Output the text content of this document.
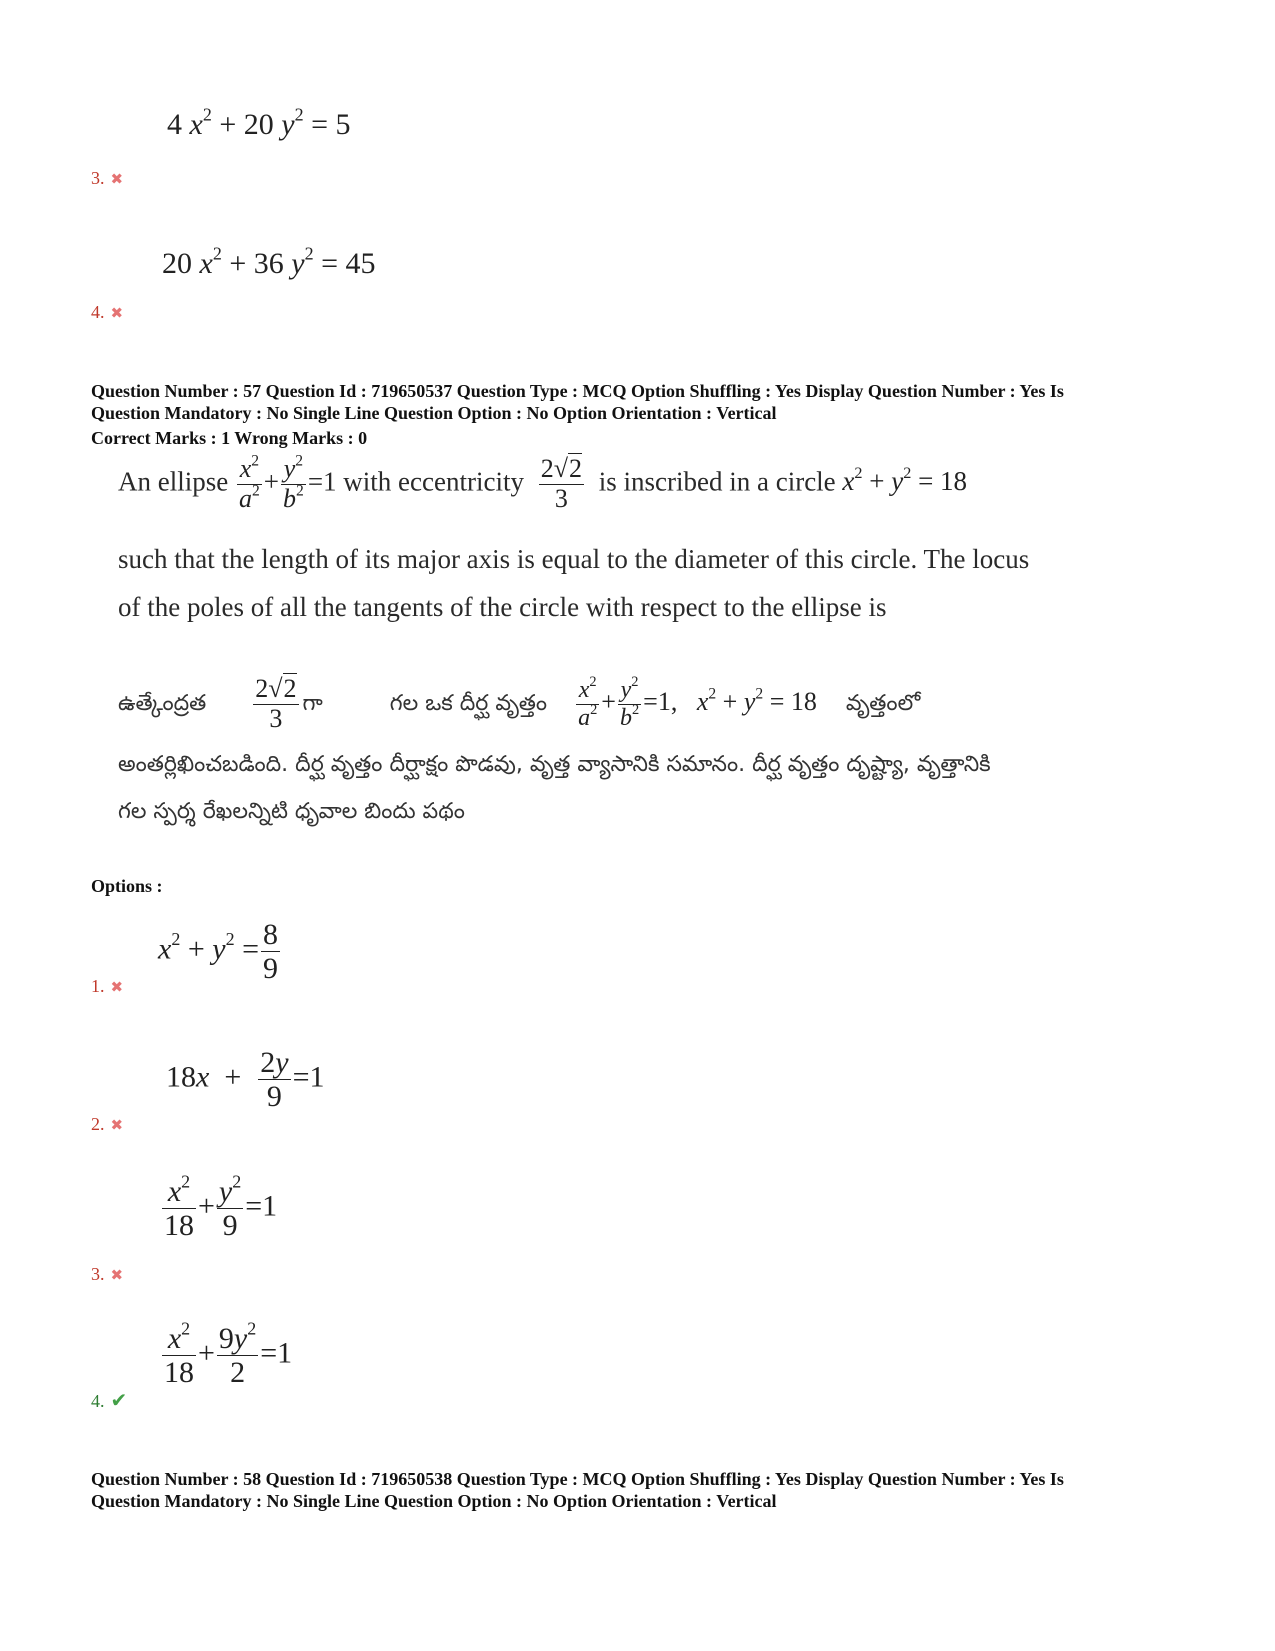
4 $x^2 + 20$ $y^2 = 5$
3. ✖
20 $x^2 + 36$ $y^2 = 45$
4. ✖
Question Number : 57 Question Id : 719650537 Question Type : MCQ Option Shuffling : Yes Display Question Number : Yes Is
Question Mandatory : No Single Line Question Option : No Option Orientation : Vertical
Correct Marks : 1 Wrong Marks : 0
An ellipse $\frac{x^2}{a^2} + \frac{y^2}{b^2} =1$ with eccentricity $\frac{2√2}{3}$ is inscribed in a circle $x^2 + y^2 = 18$
such that the length of its major axis is equal to the diameter of this circle. The locus
of the poles of all the tangents of the circle with respect to the ellipse is
ఉత్కేంద్రత $\frac{2√2}{3}$ గా	గల ఒక దీర్ఘ వృత్తం $\frac{x^2}{a^2} + \frac{y^2}{b^2} =1$,   $x^2 + y^2 = 18$ వృత్తంలో
అంతర్లిఖించబడింది. దీర్ఘ వృత్తం దీర్ఘాక్షం పొడవు, వృత్త వ్యాసానికి సమానం. దీర్ఘ వృత్తం దృష్ట్యా, వృత్తానికి
గల స్పర్శ రేఖలన్నిటి ధృవాల బిందు పథం
Options :
$x^2 + y^2 = \frac{8}{9}$
1. ✖
$18x + \frac{2y}{9} =1$
2. ✖
$\frac{x^2}{18} + \frac{y^2}{9} =1$
3. ✖
$\frac{x^2}{18} + \frac{9y^2}{2} =1$
4. ✔
Question Number : 58 Question Id : 719650538 Question Type : MCQ Option Shuffling : Yes Display Question Number : Yes Is
Question Mandatory : No Single Line Question Option : No Option Orientation : Vertical
